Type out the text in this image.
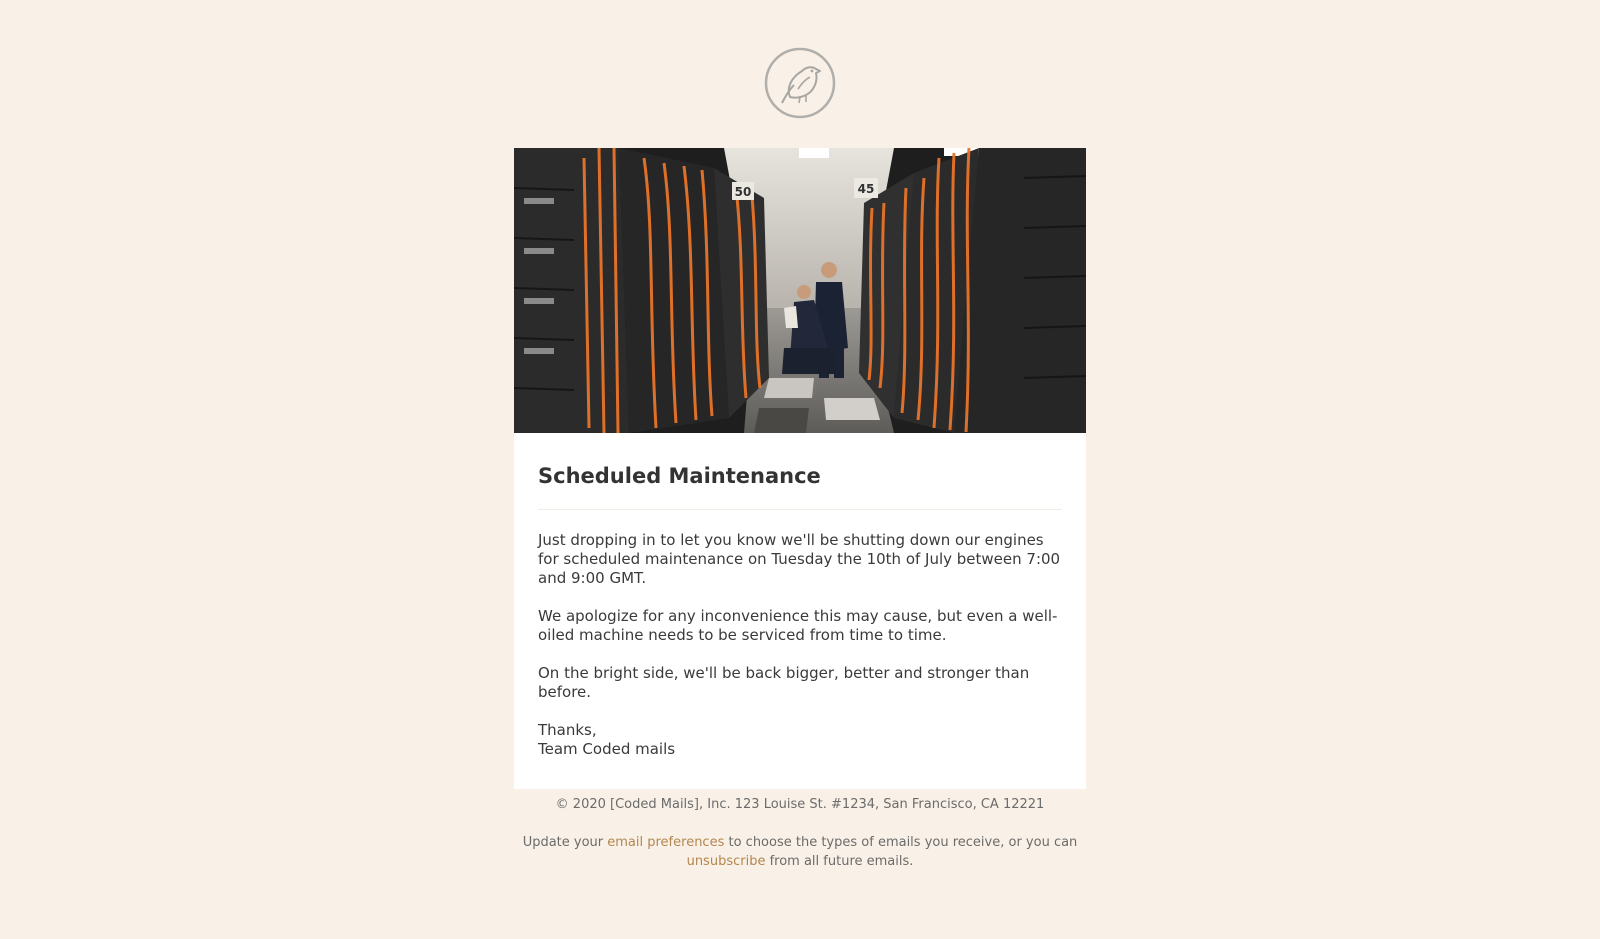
50	45
Scheduled Maintenance

Just dropping in to let you know we'll be shutting down our engines for scheduled maintenance on Tuesday the 10th of July between 7:00 and 9:00 GMT.

We apologize for any inconvenience this may cause, but even a well-oiled machine needs to be serviced from time to time.

On the bright side, we'll be back bigger, better and stronger than before.

Thanks,
Team Coded mails

© 2020 [Coded Mails], Inc. 123 Louise St. #1234, San Francisco, CA 12221

Update your email preferences to choose the types of emails you receive, or you can unsubscribe from all future emails.
